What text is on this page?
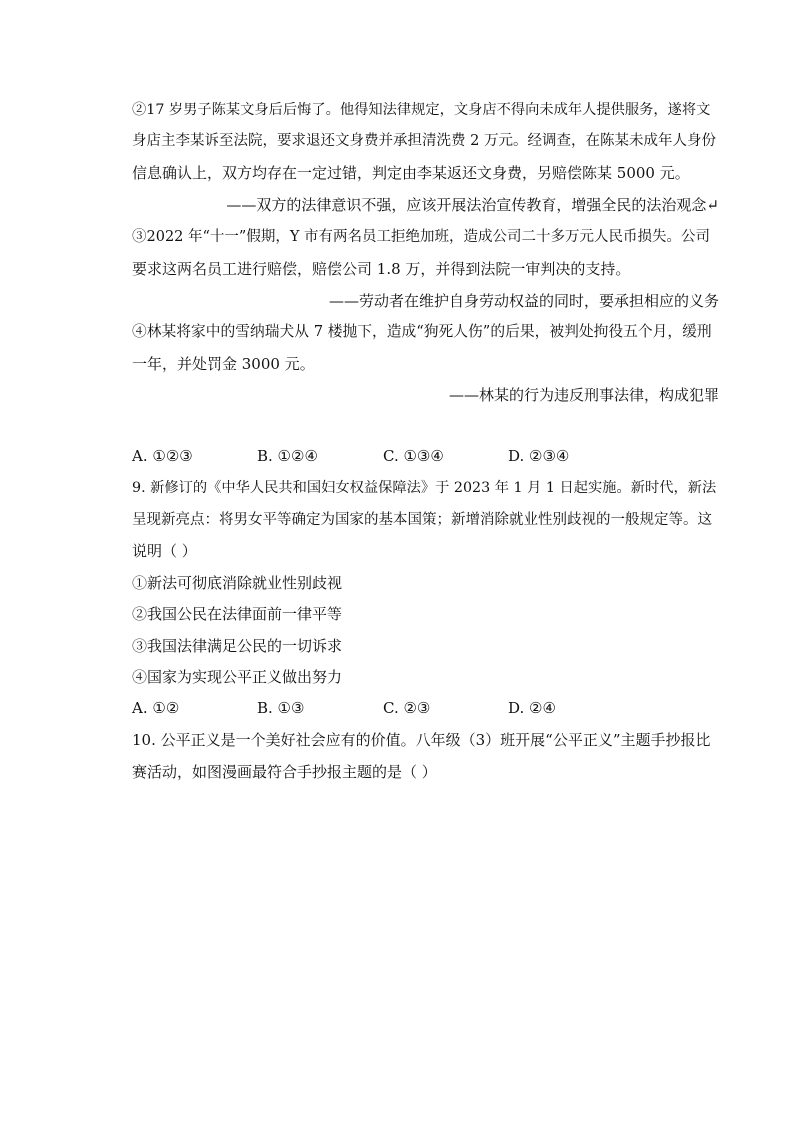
②17 岁男子陈某文身后后悔了。他得知法律规定，文身店不得向未成年人提供服务，遂将文
身店主李某诉至法院，要求退还文身费并承担清洗费 2 万元。经调查，在陈某未成年人身份
信息确认上，双方均存在一定过错，判定由李某返还文身费，另赔偿陈某 5000 元。
——双方的法律意识不强，应该开展法治宣传教育，增强全民的法治观念↵
③2022 年“十一”假期，Y 市有两名员工拒绝加班，造成公司二十多万元人民币损失。公司
要求这两名员工进行赔偿，赔偿公司 1.8 万，并得到法院一审判决的支持。
——劳动者在维护自身劳动权益的同时，要承担相应的义务
④林某将家中的雪纳瑞犬从 7 楼抛下，造成“狗死人伤”的后果，被判处拘役五个月，缓刑
一年，并处罚金 3000 元。
——林某的行为违反刑事法律，构成犯罪
A. ①②③	B. ①②④	C. ①③④	D. ②③④
9. 新修订的《中华人民共和国妇女权益保障法》于 2023 年 1 月 1 日起实施。新时代，新法
呈现新亮点：将男女平等确定为国家的基本国策；新增消除就业性别歧视的一般规定等。这
说明（ ）
①新法可彻底消除就业性别歧视
②我国公民在法律面前一律平等
③我国法律满足公民的一切诉求
④国家为实现公平正义做出努力
A. ①②	B. ①③	C. ②③	D. ②④
10. 公平正义是一个美好社会应有的价值。八年级（3）班开展“公平正义”主题手抄报比
赛活动，如图漫画最符合手抄报主题的是（ ）
